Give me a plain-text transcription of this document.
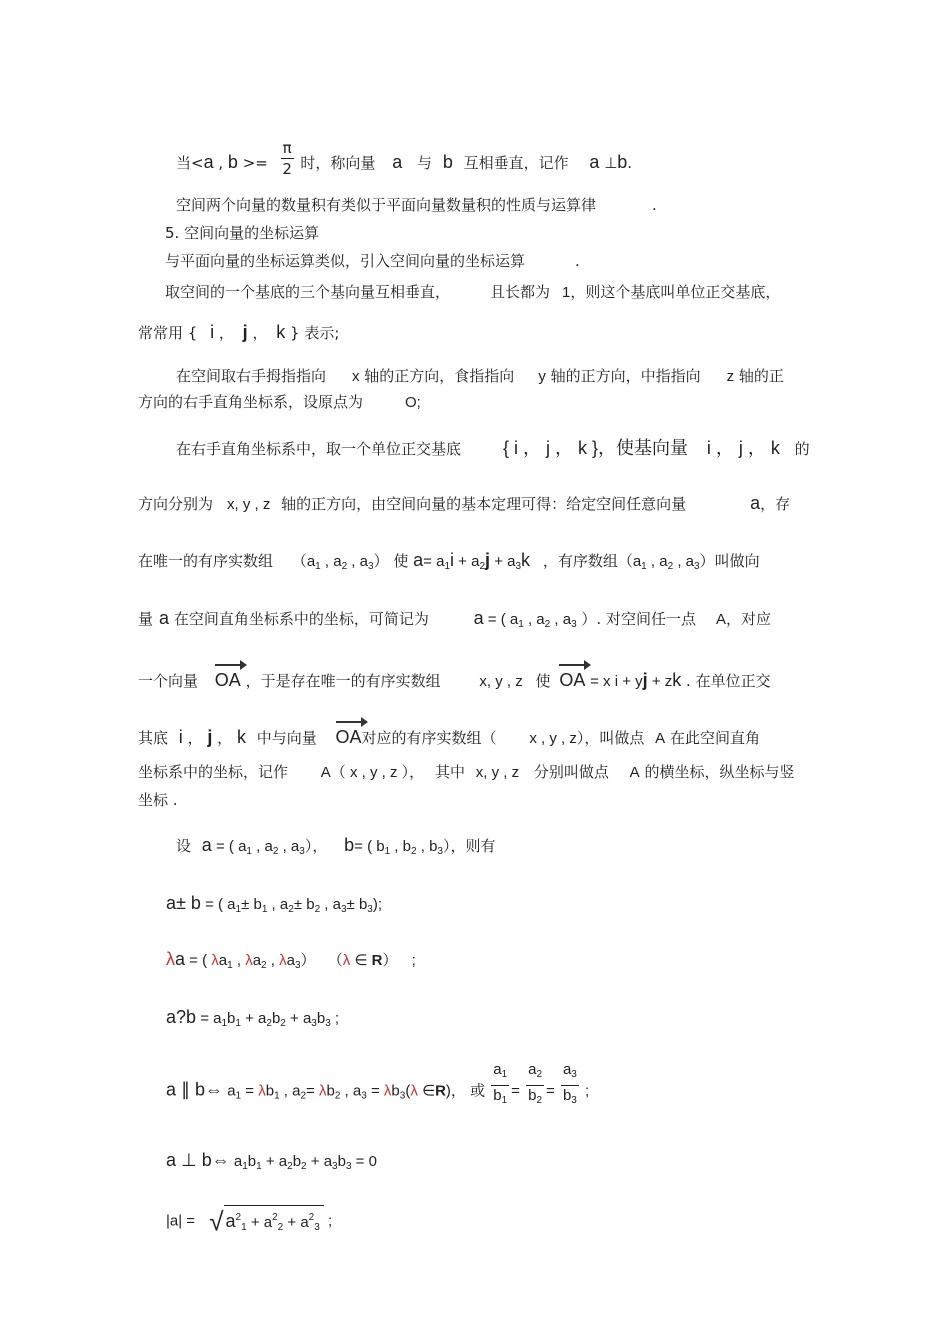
当<a , $b >= \frac{\pi}{2}$ 时，称向量 a 与 b 互相垂直，记作 a ⊥b.
空间两个向量的数量积有类似于平面向量数量积的性质与运算律	.
5. 空间向量的坐标运算
与平面向量的坐标运算类似，引入空间向量的坐标运算	.
取空间的一个基底的三个基向量互相垂直，	且长都为 1，则这个基底叫单位正交基底，
常常用 { i ， j ， k } 表示;
在空间取右手拇指指向 x 轴的正方向，食指指向 y 轴的正方向，中指指向 z 轴的正
方向的右手直角坐标系，设原点为	O;
在右手直角坐标系中，取一个单位正交基底 { i ， j ， k }，使基向量 i ， j ， k 的
方向分别为 x, y , z 轴的正方向，由空间向量的基本定理可得：给定空间任意向量	a，存
在唯一的有序实数组 （$a_1$ , $a_2$ , $a_3$） 使 $a= a_1i + a_2j + a_3k$ ，有序数组（$a_1$ , $a_2$ , $a_3$）叫做向
量 a 在空间直角坐标系中的坐标，可简记为 a = ( $a_1$ , $a_2$ , $a_3$ ）. 对空间任一点 A，对应
一个向量 OA ，于是存在唯一的有序实数组	x, y , z 使 OA = x i + yj + zk . 在单位正交
其底 i ， j ， k 中与向量 OA对应的有序实数组（ x , y , z），叫做点 A 在此空间直角
坐标系中的坐标，记作 A（ x , y , z ）， 其中 x, y , z 分别叫做点 A 的横坐标，纵坐标与竖
坐标 .
设 a = ( $a_1$ , $a_2$ , $a_3$）， b= ( $b_1$ , $b_2$ , $b_3$），则有
a± b = ( $a_1\pm b_1$ , $a_2\pm b_2$ , $a_3\pm b_3$);
λa = ( $\lambda a_1$ , $\lambda a_2$ , $\lambda a_3$） （λ ∈ R） ;
a?b = $a_1b_1 + a_2b_2 + a_3b_3$ ;
a ∥ b⇔ $a_1 = \lambda b_1$ , $a_2= \lambda b_2$ , $a_3 = \lambda b_3(\lambda$ ∈R)， 或 $\frac{a_1}{b_1} = \frac{a_2}{b_2} = \frac{a_3}{b_3}$ ;
a ⊥ b⇔ $a_1b_1 + a_2b_2 + a_3b_3 = 0$
|a| = √ $a^2_1 + a^2_2 + a^2_3$ ;
